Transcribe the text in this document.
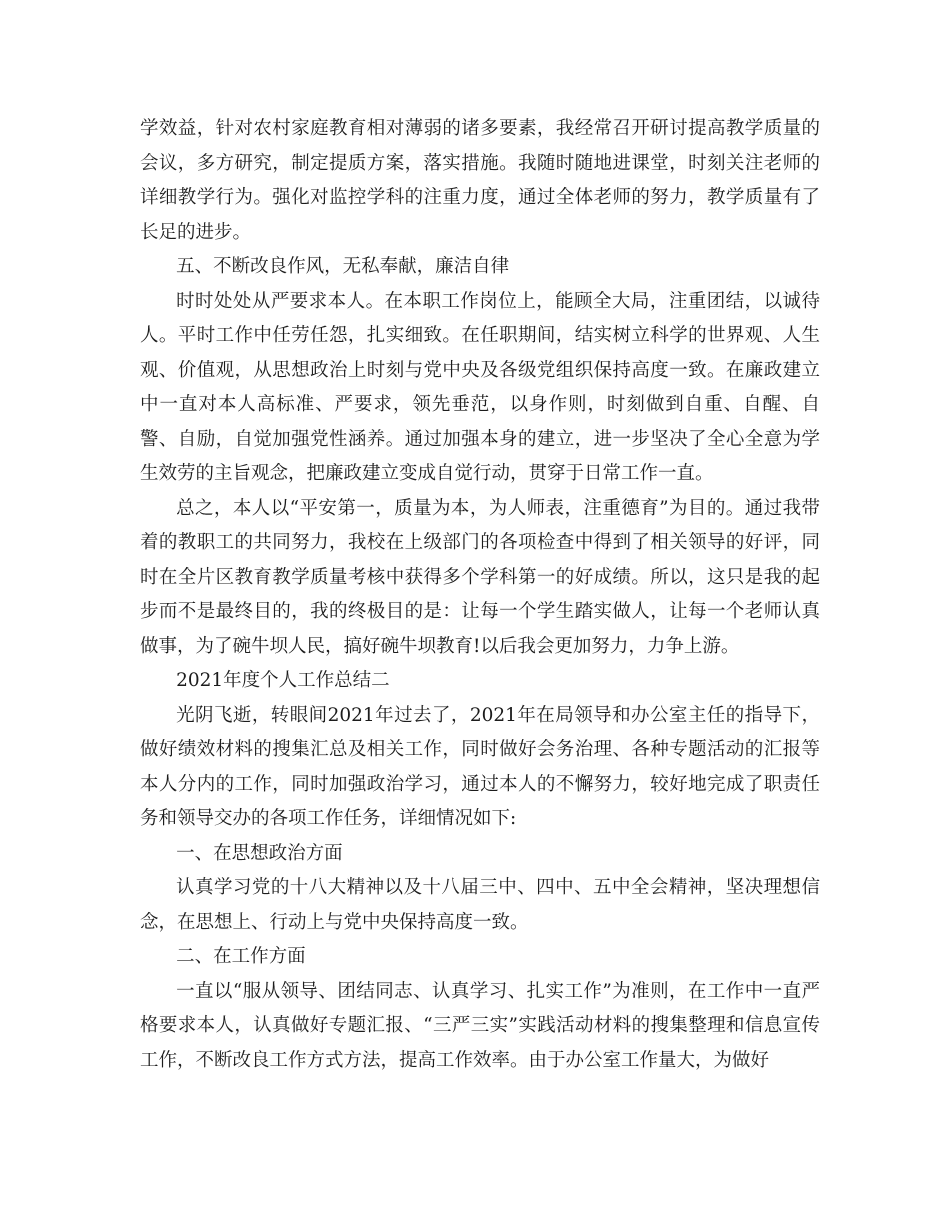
学效益，针对农村家庭教育相对薄弱的诸多要素，我经常召开研讨提高教学质量的会议，多方研究，制定提质方案，落实措施。我随时随地进课堂，时刻关注老师的详细教学行为。强化对监控学科的注重力度，通过全体老师的努力，教学质量有了长足的进步。

五、不断改良作风，无私奉献，廉洁自律

时时处处从严要求本人。在本职工作岗位上，能顾全大局，注重团结，以诚待人。平时工作中任劳任怨，扎实细致。在任职期间，结实树立科学的世界观、人生观、价值观，从思想政治上时刻与党中央及各级党组织保持高度一致。在廉政建立中一直对本人高标准、严要求，领先垂范，以身作则，时刻做到自重、自醒、自警、自励，自觉加强党性涵养。通过加强本身的建立，进一步坚决了全心全意为学生效劳的主旨观念，把廉政建立变成自觉行动，贯穿于日常工作一直。

总之，本人以“平安第一，质量为本，为人师表，注重德育”为目的。通过我带着的教职工的共同努力，我校在上级部门的各项检查中得到了相关领导的好评，同时在全片区教育教学质量考核中获得多个学科第一的好成绩。所以，这只是我的起步而不是最终目的，我的终极目的是：让每一个学生踏实做人，让每一个老师认真做事，为了碗牛坝人民，搞好碗牛坝教育!以后我会更加努力，力争上游。

2021年度个人工作总结二

光阴飞逝，转眼间2021年过去了，2021年在局领导和办公室主任的指导下，做好绩效材料的搜集汇总及相关工作，同时做好会务治理、各种专题活动的汇报等本人分内的工作，同时加强政治学习，通过本人的不懈努力，较好地完成了职责任务和领导交办的各项工作任务，详细情况如下:

一、在思想政治方面

认真学习党的十八大精神以及十八届三中、四中、五中全会精神，坚决理想信念，在思想上、行动上与党中央保持高度一致。

二、在工作方面

一直以“服从领导、团结同志、认真学习、扎实工作”为准则，在工作中一直严格要求本人，认真做好专题汇报、“三严三实”实践活动材料的搜集整理和信息宣传工作，不断改良工作方式方法，提高工作效率。由于办公室工作量大，为做好
